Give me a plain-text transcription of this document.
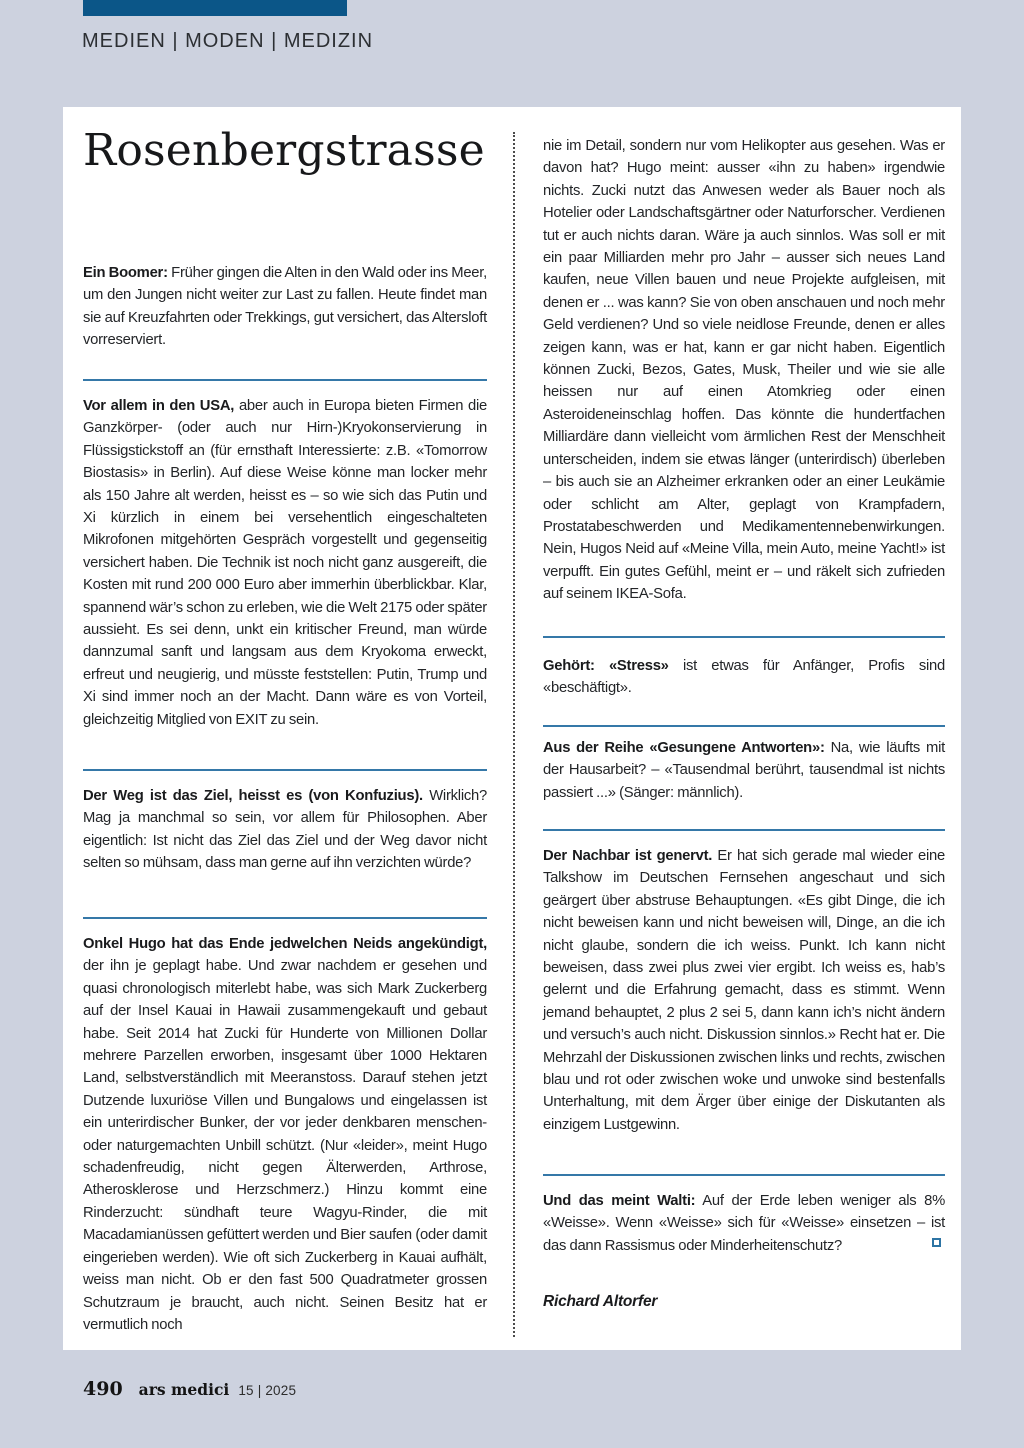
MEDIEN | MODEN | MEDIZIN
Rosenbergstrasse

Ein Boomer: Früher gingen die Alten in den Wald oder ins Meer, um den Jungen nicht weiter zur Last zu fallen. Heute findet man sie auf Kreuzfahrten oder Trekkings, gut versichert, das Altersloft vorreserviert.

Vor allem in den USA, aber auch in Europa bieten Firmen die Ganzkörper- (oder auch nur Hirn-)Kryokonservierung in Flüssigstickstoff an (für ernsthaft Interessierte: z.B. «Tomorrow Biostasis» in Berlin). Auf diese Weise könne man locker mehr als 150 Jahre alt werden, heisst es – so wie sich das Putin und Xi kürzlich in einem bei versehentlich eingeschalteten Mikrofonen mitgehörten Gespräch vorgestellt und gegenseitig versichert haben. Die Technik ist noch nicht ganz ausgereift, die Kosten mit rund 200 000 Euro aber immerhin überblickbar. Klar, spannend wär’s schon zu erleben, wie die Welt 2175 oder später aussieht. Es sei denn, unkt ein kritischer Freund, man würde dannzumal sanft und langsam aus dem Kryokoma erweckt, erfreut und neugierig, und müsste feststellen: Putin, Trump und Xi sind immer noch an der Macht. Dann wäre es von Vorteil, gleichzeitig Mitglied von EXIT zu sein.

Der Weg ist das Ziel, heisst es (von Konfuzius). Wirklich? Mag ja manchmal so sein, vor allem für Philosophen. Aber eigentlich: Ist nicht das Ziel das Ziel und der Weg davor nicht selten so mühsam, dass man gerne auf ihn verzichten würde?

Onkel Hugo hat das Ende jedwelchen Neids angekündigt, der ihn je geplagt habe. Und zwar nachdem er gesehen und quasi chronologisch miterlebt habe, was sich Mark Zuckerberg auf der Insel Kauai in Hawaii zusammengekauft und gebaut habe. Seit 2014 hat Zucki für Hunderte von Millionen Dollar mehrere Parzellen erworben, insgesamt über 1000 Hektaren Land, selbstverständlich mit Meeranstoss. Darauf stehen jetzt Dutzende luxuriöse Villen und Bungalows und eingelassen ist ein unterirdischer Bunker, der vor jeder denkbaren menschen- oder naturgemachten Unbill schützt. (Nur «leider», meint Hugo schadenfreudig, nicht gegen Älterwerden, Arthrose, Atherosklerose und Herzschmerz.) Hinzu kommt eine Rinderzucht: sündhaft teure Wagyu-Rinder, die mit Macadamianüssen gefüttert werden und Bier saufen (oder damit eingerieben werden). Wie oft sich Zuckerberg in Kauai aufhält, weiss man nicht. Ob er den fast 500 Quadratmeter grossen Schutzraum je braucht, auch nicht. Seinen Besitz hat er vermutlich noch

nie im Detail, sondern nur vom Helikopter aus gesehen. Was er davon hat? Hugo meint: ausser «ihn zu haben» irgendwie nichts. Zucki nutzt das Anwesen weder als Bauer noch als Hotelier oder Landschaftsgärtner oder Naturforscher. Verdienen tut er auch nichts daran. Wäre ja auch sinnlos. Was soll er mit ein paar Milliarden mehr pro Jahr – ausser sich neues Land kaufen, neue Villen bauen und neue Projekte aufgleisen, mit denen er ... was kann? Sie von oben anschauen und noch mehr Geld verdienen? Und so viele neidlose Freunde, denen er alles zeigen kann, was er hat, kann er gar nicht haben. Eigentlich können Zucki, Bezos, Gates, Musk, Theiler und wie sie alle heissen nur auf einen Atomkrieg oder einen Asteroideneinschlag hoffen. Das könnte die hundertfachen Milliardäre dann vielleicht vom ärmlichen Rest der Menschheit unterscheiden, indem sie etwas länger (unterirdisch) überleben – bis auch sie an Alzheimer erkranken oder an einer Leukämie oder schlicht am Alter, geplagt von Krampfadern, Prostatabeschwerden und Medikamentennebenwirkungen. Nein, Hugos Neid auf «Meine Villa, mein Auto, meine Yacht!» ist verpufft. Ein gutes Gefühl, meint er – und räkelt sich zufrieden auf seinem IKEA-Sofa.

Gehört: «Stress» ist etwas für Anfänger, Profis sind «beschäftigt».

Aus der Reihe «Gesungene Antworten»: Na, wie läufts mit der Hausarbeit? – «Tausendmal berührt, tausendmal ist nichts passiert ...» (Sänger: männlich).

Der Nachbar ist genervt. Er hat sich gerade mal wieder eine Talkshow im Deutschen Fernsehen angeschaut und sich geärgert über abstruse Behauptungen. «Es gibt Dinge, die ich nicht beweisen kann und nicht beweisen will, Dinge, an die ich nicht glaube, sondern die ich weiss. Punkt. Ich kann nicht beweisen, dass zwei plus zwei vier ergibt. Ich weiss es, hab’s gelernt und die Erfahrung gemacht, dass es stimmt. Wenn jemand behauptet, 2 plus 2 sei 5, dann kann ich’s nicht ändern und versuch’s auch nicht. Diskussion sinnlos.» Recht hat er. Die Mehrzahl der Diskussionen zwischen links und rechts, zwischen blau und rot oder zwischen woke und unwoke sind bestenfalls Unterhaltung, mit dem Ärger über einige der Diskutanten als einzigem Lustgewinn.

Und das meint Walti: Auf der Erde leben weniger als 8% «Weisse». Wenn «Weisse» sich für «Weisse» einsetzen – ist das dann Rassismus oder Minderheitenschutz?

Richard Altorfer

490 ars medici 15 | 2025
